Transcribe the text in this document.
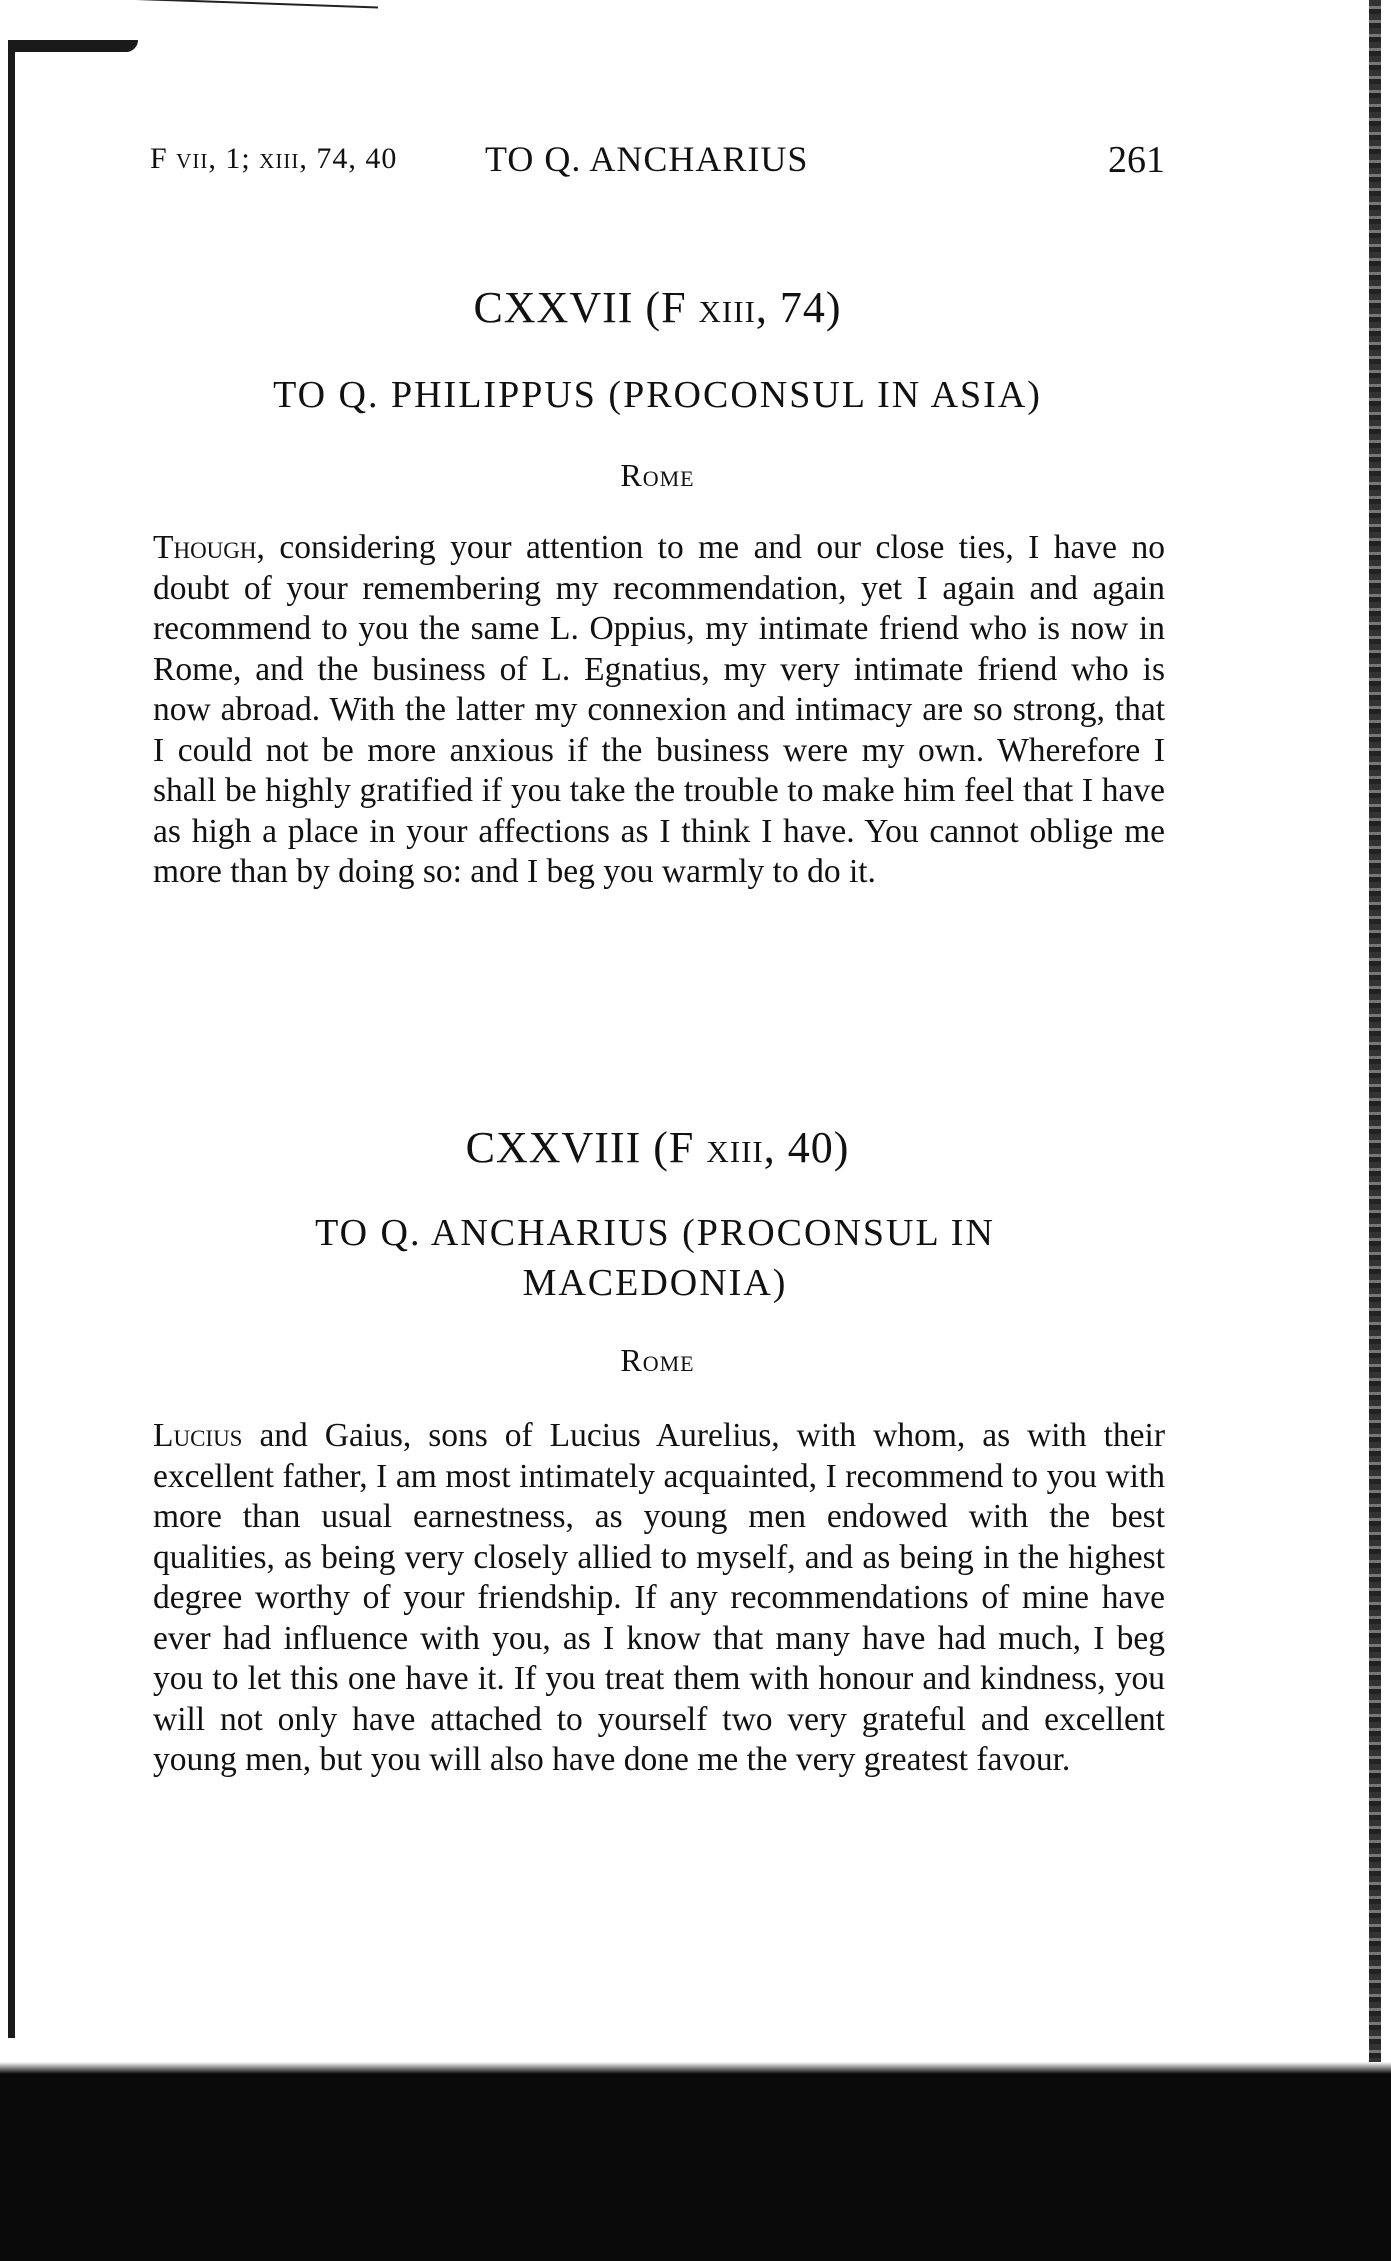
F vii, 1; xiii, 74, 40 TO Q. ANCHARIUS	261
CXXVII (F xiii, 74)
TO Q. PHILIPPUS (PROCONSUL IN ASIA)
Rome

Though, considering your attention to me and our close ties, I have no doubt of your remembering my recommendation, yet I again and again recommend to you the same L. Oppius, my intimate friend who is now in Rome, and the business of L. Egnatius, my very intimate friend who is now abroad. With the latter my connexion and intimacy are so strong, that I could not be more anxious if the business were my own. Wherefore I shall be highly gratified if you take the trouble to make him feel that I have as high a place in your affections as I think I have. You cannot oblige me more than by doing so: and I beg you warmly to do it.

CXXVIII (F xiii, 40)
TO Q. ANCHARIUS (PROCONSUL IN MACEDONIA)
Rome

Lucius and Gaius, sons of Lucius Aurelius, with whom, as with their excellent father, I am most intimately acquainted, I recommend to you with more than usual earnestness, as young men endowed with the best qualities, as being very closely allied to myself, and as being in the highest degree worthy of your friendship. If any recommendations of mine have ever had influence with you, as I know that many have had much, I beg you to let this one have it. If you treat them with honour and kindness, you will not only have attached to yourself two very grateful and excellent young men, but you will also have done me the very greatest favour.
